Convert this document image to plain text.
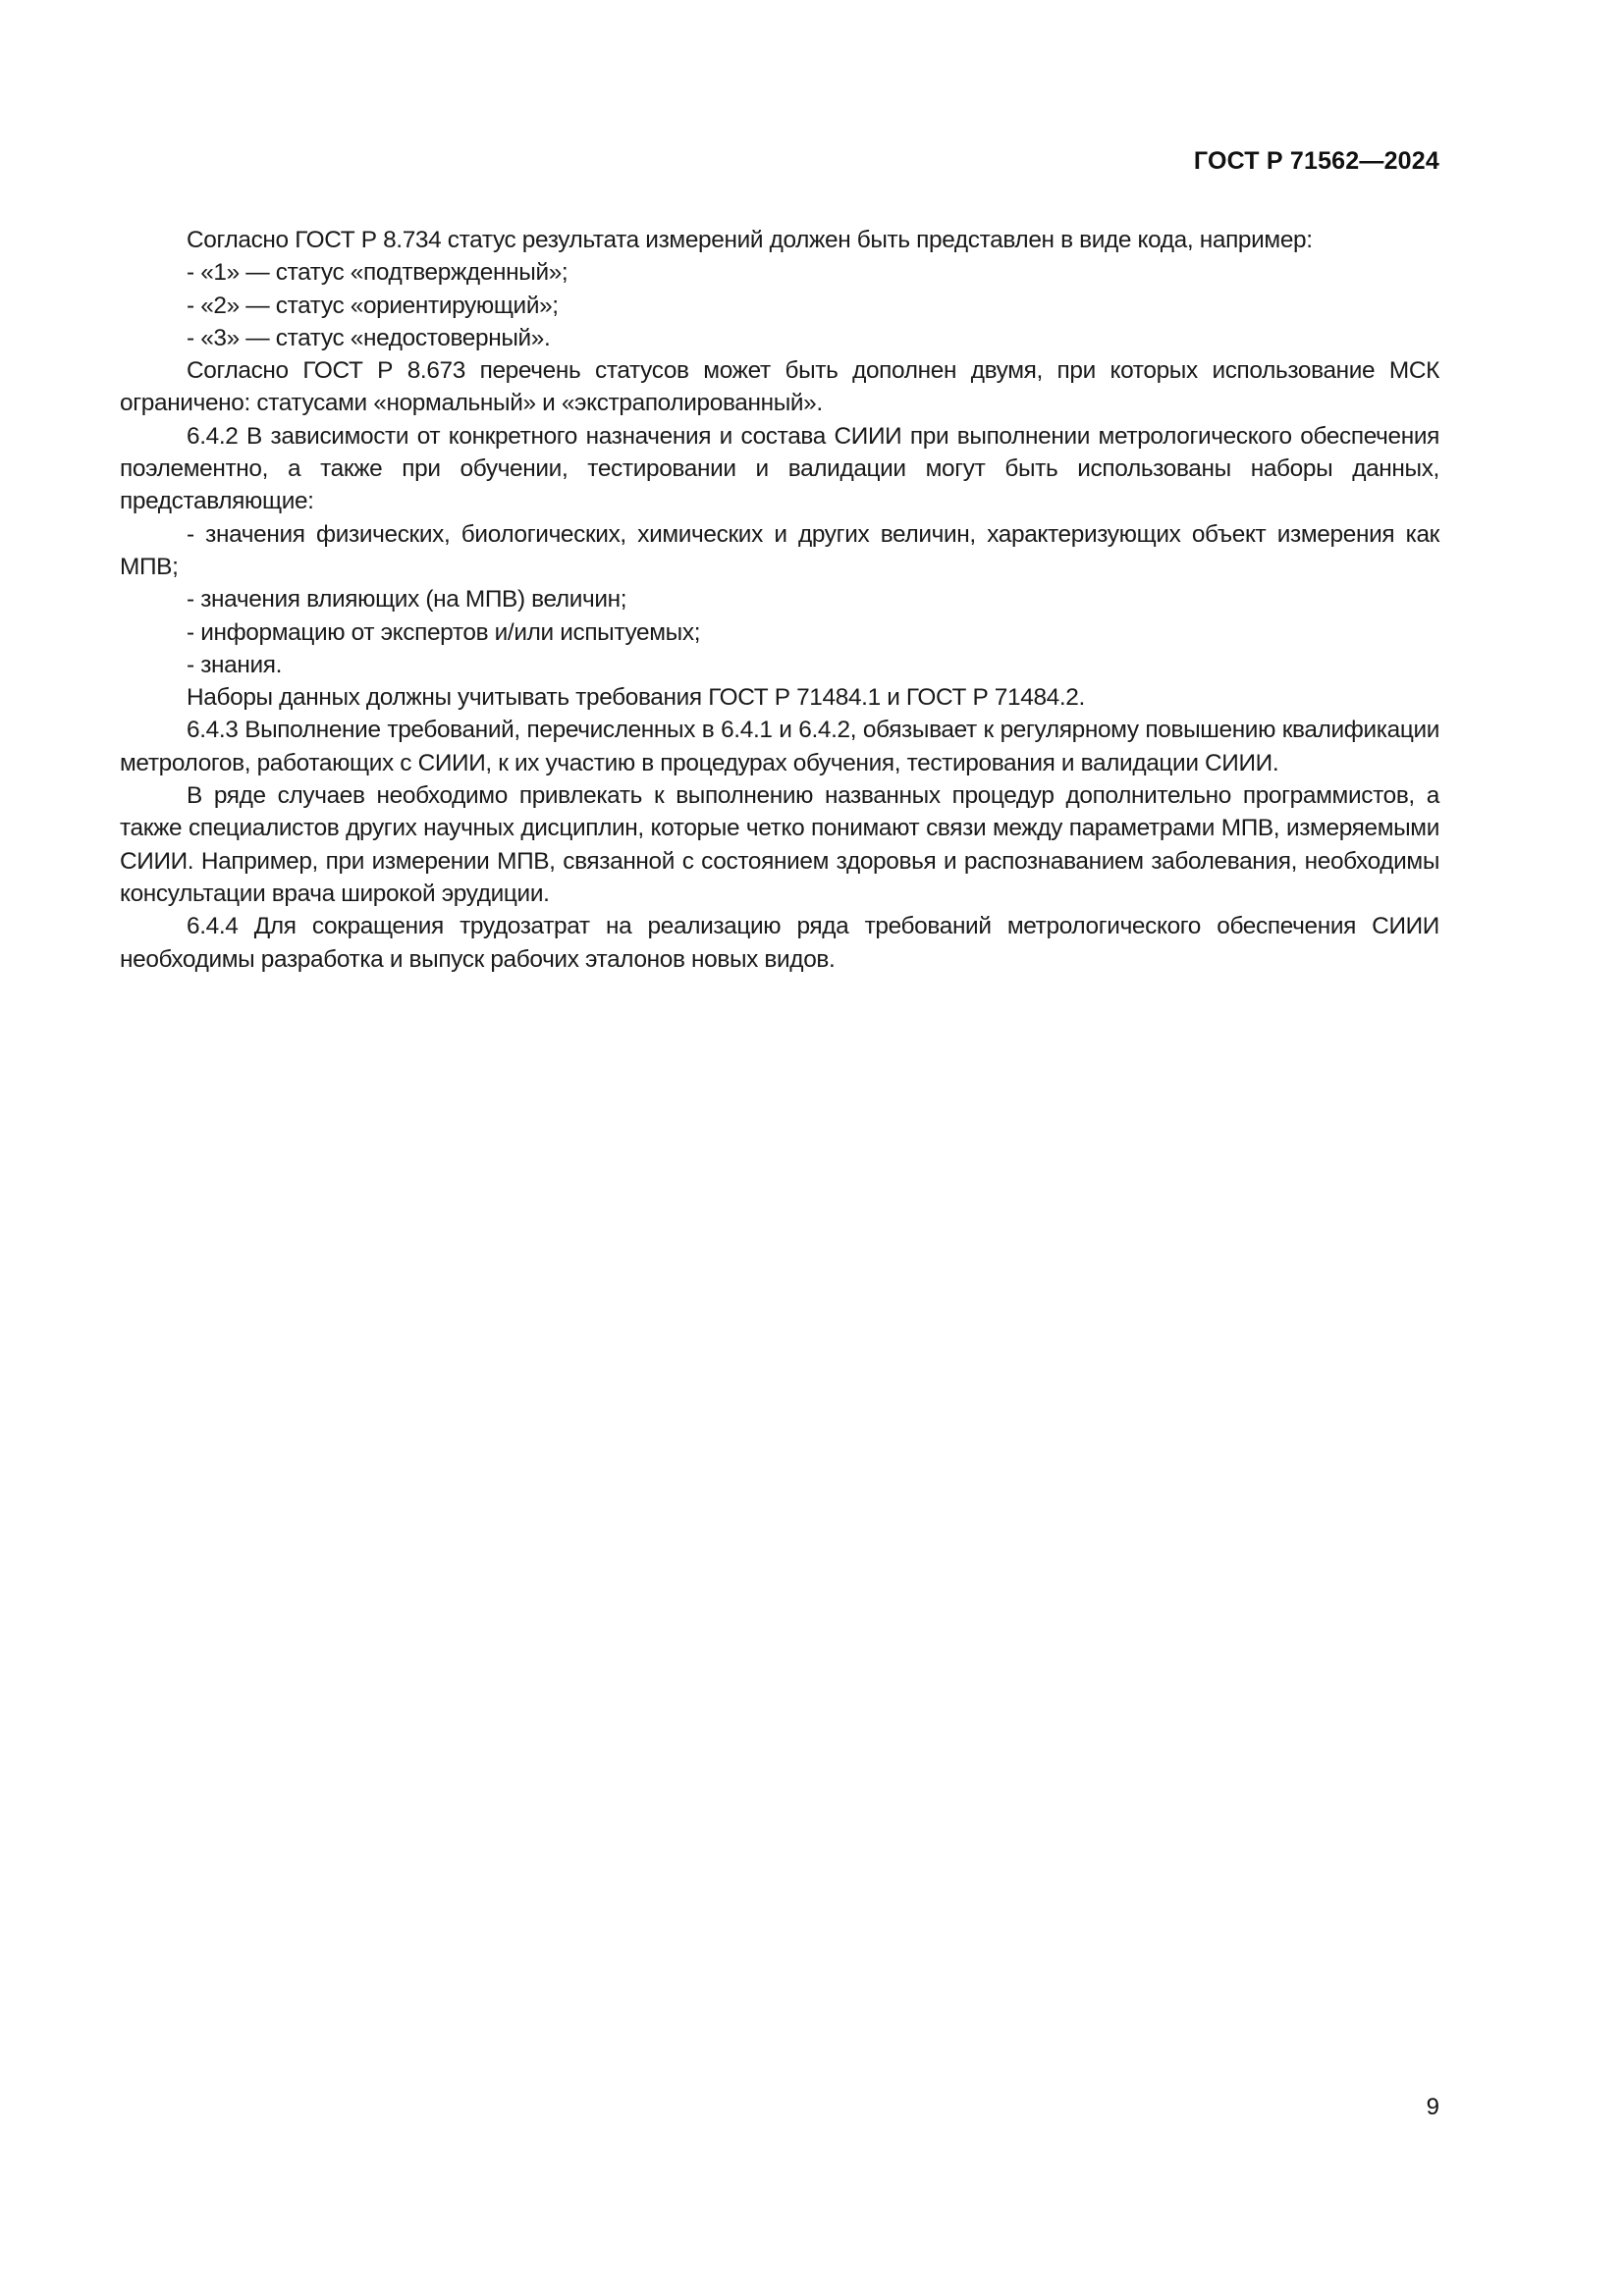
ГОСТ Р 71562—2024

Согласно ГОСТ Р 8.734 статус результата измерений должен быть представлен в виде кода, например:

- «1» — статус «подтвержденный»;

- «2» — статус «ориентирующий»;

- «3» — статус «недостоверный».

Согласно ГОСТ Р 8.673 перечень статусов может быть дополнен двумя, при которых использование МСК ограничено: статусами «нормальный» и «экстраполированный».

6.4.2 В зависимости от конкретного назначения и состава СИИИ при выполнении метрологического обеспечения поэлементно, а также при обучении, тестировании и валидации могут быть использованы наборы данных, представляющие:

- значения физических, биологических, химических и других величин, характеризующих объект измерения как МПВ;

- значения влияющих (на МПВ) величин;

- информацию от экспертов и/или испытуемых;

- знания.

Наборы данных должны учитывать требования ГОСТ Р 71484.1 и ГОСТ Р 71484.2.

6.4.3 Выполнение требований, перечисленных в 6.4.1 и 6.4.2, обязывает к регулярному повышению квалификации метрологов, работающих с СИИИ, к их участию в процедурах обучения, тестирования и валидации СИИИ.

В ряде случаев необходимо привлекать к выполнению названных процедур дополнительно программистов, а также специалистов других научных дисциплин, которые четко понимают связи между параметрами МПВ, измеряемыми СИИИ. Например, при измерении МПВ, связанной с состоянием здоровья и распознаванием заболевания, необходимы консультации врача широкой эрудиции.

6.4.4 Для сокращения трудозатрат на реализацию ряда требований метрологического обеспечения СИИИ необходимы разработка и выпуск рабочих эталонов новых видов.

9
